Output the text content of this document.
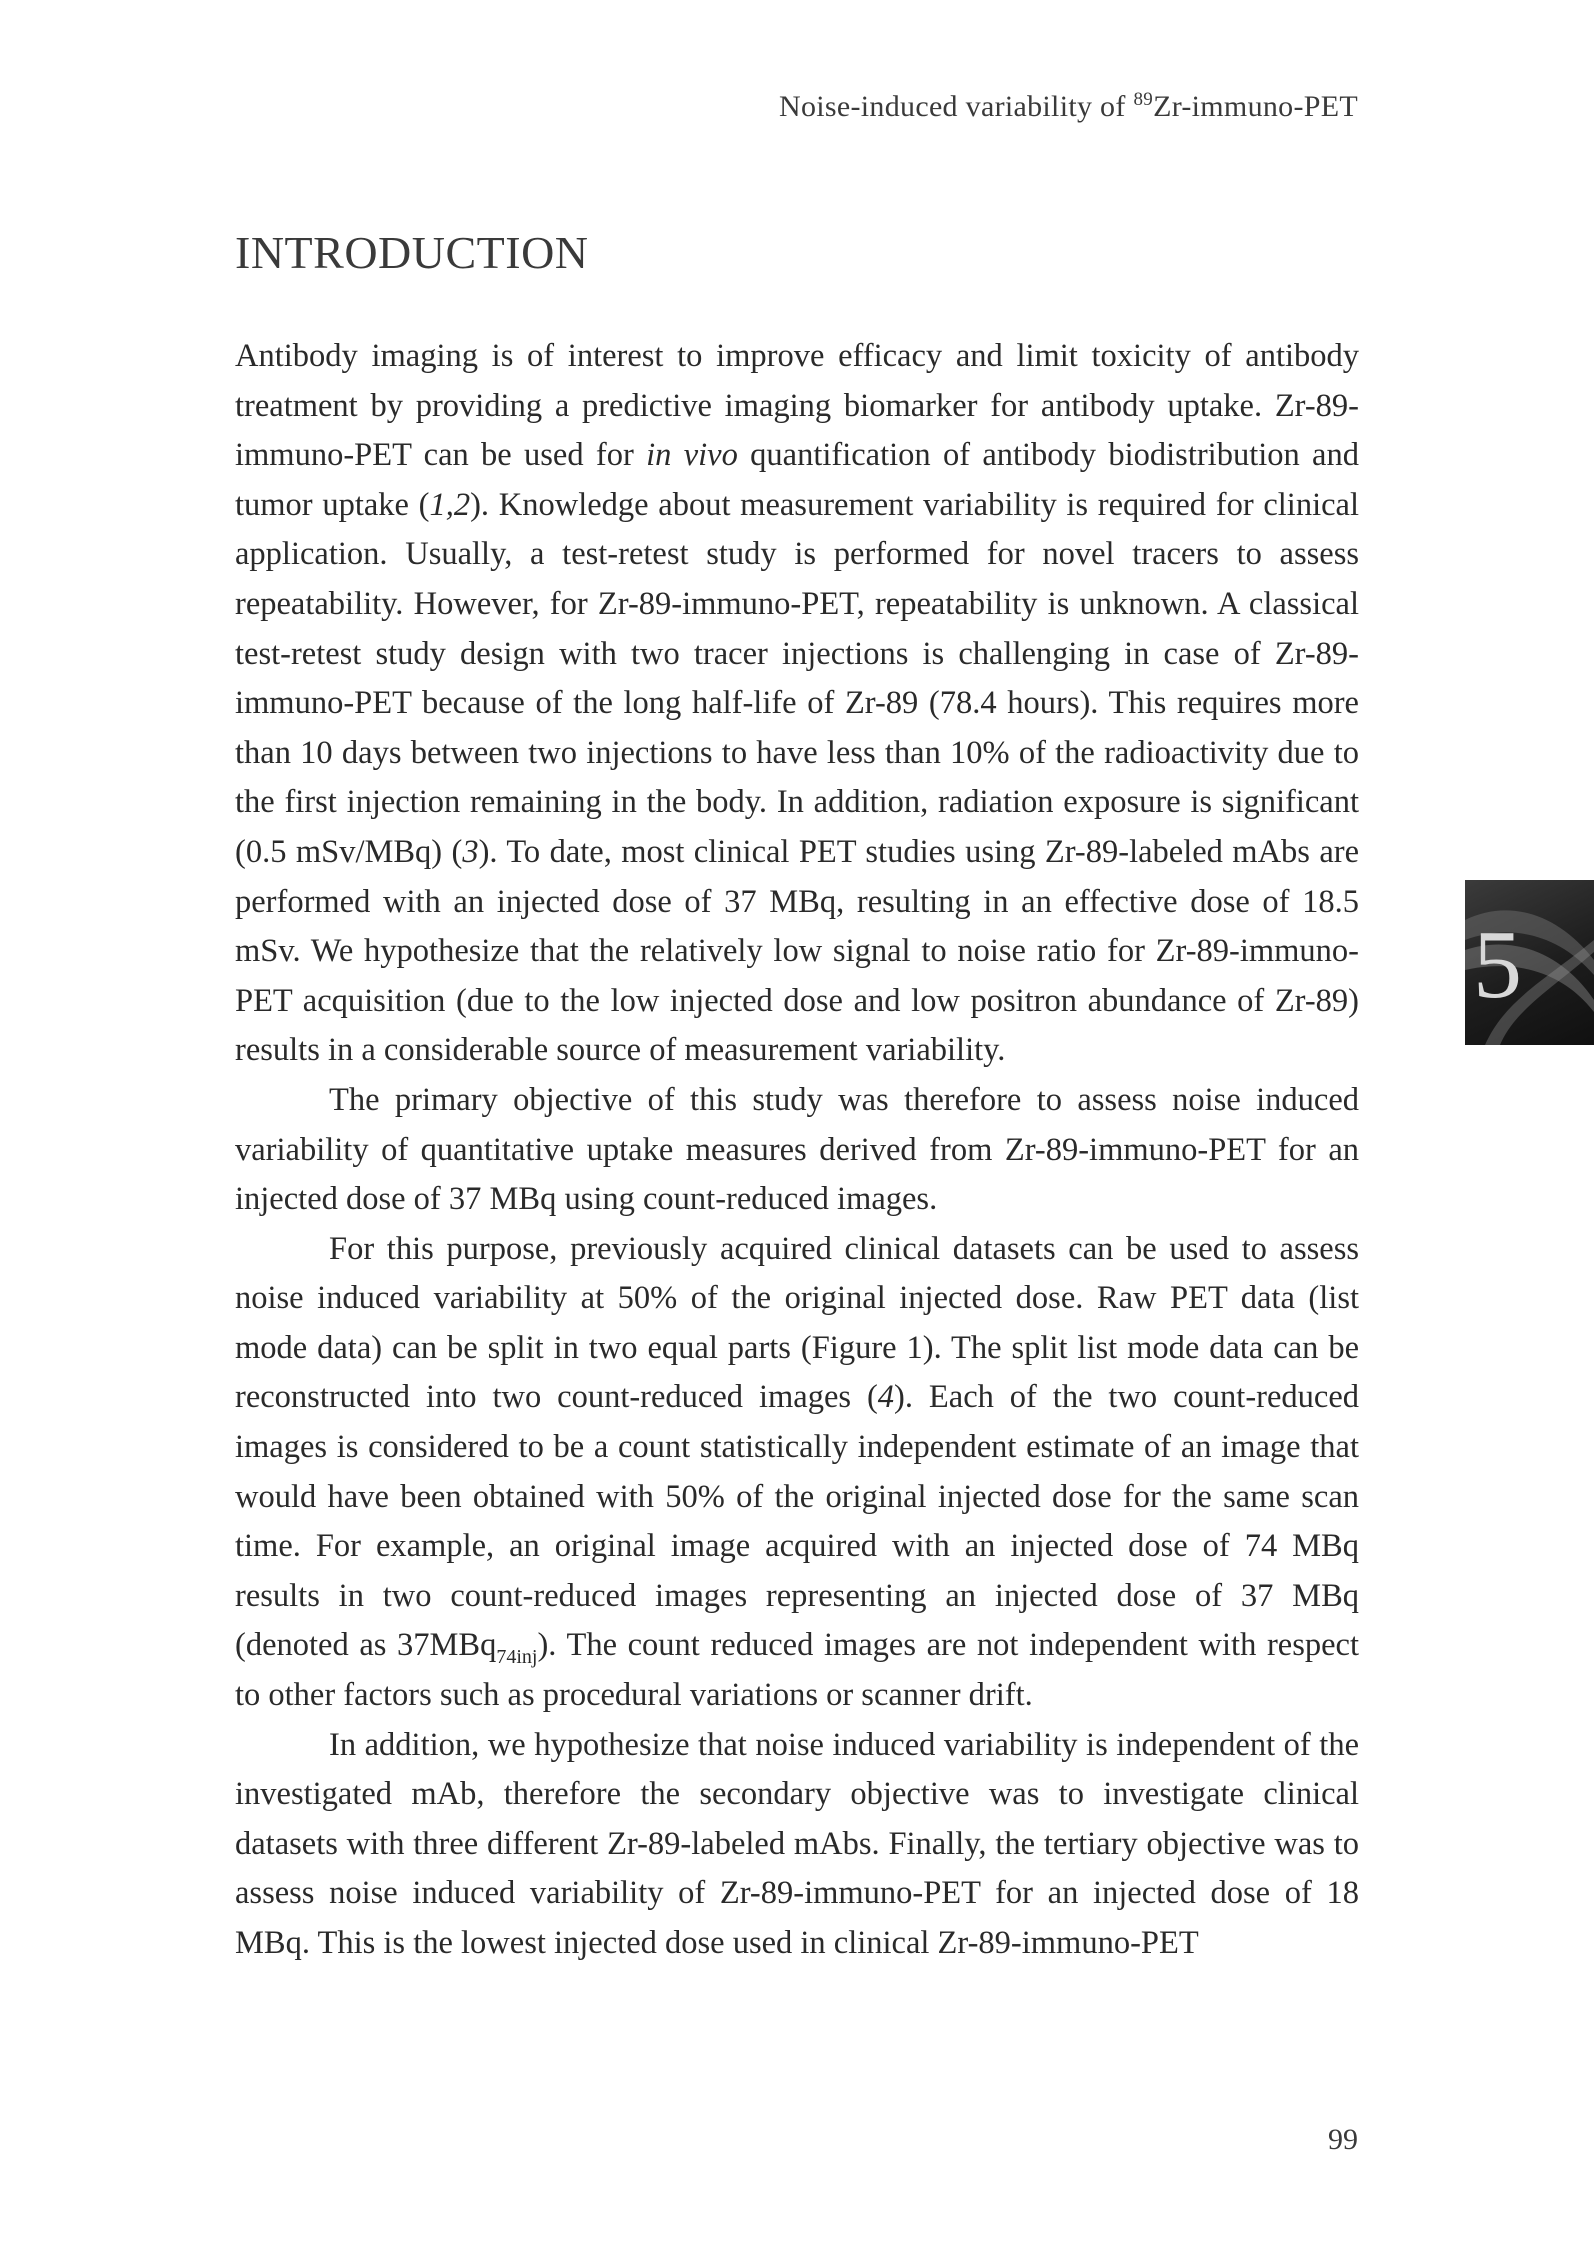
Noise-induced variability of $^{89}$Zr-immuno-PET
INTRODUCTION

Antibody imaging is of interest to improve efficacy and limit toxicity of antibody treatment by providing a predictive imaging biomarker for antibody uptake. Zr-89-immuno-PET can be used for in vivo quantification of antibody biodistribution and tumor uptake (1,2). Knowledge about measurement variability is required for clinical application. Usually, a test-retest study is performed for novel tracers to assess repeatability. However, for Zr-89-immuno-PET, repeatability is unknown. A classical test-retest study design with two tracer injections is challenging in case of Zr-89-immuno-PET because of the long half-life of Zr-89 (78.4 hours). This requires more than 10 days between two injections to have less than 10% of the radioactivity due to the first injection remaining in the body. In addition, radiation exposure is significant (0.5 mSv/MBq) (3). To date, most clinical PET studies using Zr-89-labeled mAbs are performed with an injected dose of 37 MBq, resulting in an effective dose of 18.5 mSv. We hypothesize that the relatively low signal to noise ratio for Zr-89-immuno-PET acquisition (due to the low injected dose and low positron abundance of Zr-89) results in a considerable source of measurement variability.

The primary objective of this study was therefore to assess noise induced variability of quantitative uptake measures derived from Zr-89-immuno-PET for an injected dose of 37 MBq using count-reduced images.

For this purpose, previously acquired clinical datasets can be used to assess noise induced variability at 50% of the original injected dose. Raw PET data (list mode data) can be split in two equal parts (Figure 1). The split list mode data can be reconstructed into two count-reduced images (4). Each of the two count-reduced images is considered to be a count statistically independent estimate of an image that would have been obtained with 50% of the original injected dose for the same scan time. For example, an original image acquired with an injected dose of 74 MBq results in two count-reduced images representing an injected dose of 37 MBq (denoted as 37MBq$_{74inj}$). The count reduced images are not independent with respect to other factors such as procedural variations or scanner drift.

In addition, we hypothesize that noise induced variability is independent of the investigated mAb, therefore the secondary objective was to investigate clinical datasets with three different Zr-89-labeled mAbs. Finally, the tertiary objective was to assess noise induced variability of Zr-89-immuno-PET for an injected dose of 18 MBq. This is the lowest injected dose used in clinical Zr-89-immuno-PET

5
99
